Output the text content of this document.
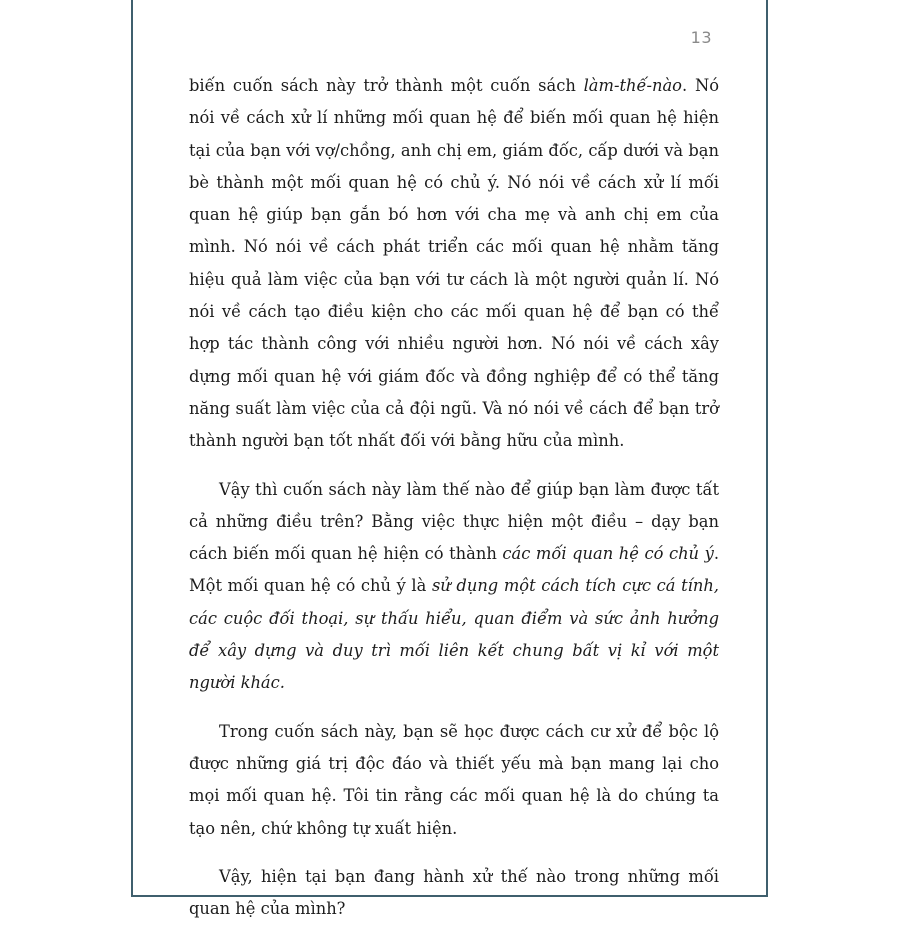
13

biến cuốn sách này trở thành một cuốn sách làm-thế-nào. Nó nói về cách xử lí những mối quan hệ để biến mối quan hệ hiện tại của bạn với vợ/chồng, anh chị em, giám đốc, cấp dưới và bạn bè thành một mối quan hệ có chủ ý. Nó nói về cách xử lí mối quan hệ giúp bạn gắn bó hơn với cha mẹ và anh chị em của mình. Nó nói về cách phát triển các mối quan hệ nhằm tăng hiệu quả làm việc của bạn với tư cách là một người quản lí. Nó nói về cách tạo điều kiện cho các mối quan hệ để bạn có thể hợp tác thành công với nhiều người hơn. Nó nói về cách xây dựng mối quan hệ với giám đốc và đồng nghiệp để có thể tăng năng suất làm việc của cả đội ngũ. Và nó nói về cách để bạn trở thành người bạn tốt nhất đối với bằng hữu của mình.

Vậy thì cuốn sách này làm thế nào để giúp bạn làm được tất cả những điều trên? Bằng việc thực hiện một điều – dạy bạn cách biến mối quan hệ hiện có thành các mối quan hệ có chủ ý. Một mối quan hệ có chủ ý là sử dụng một cách tích cực cá tính, các cuộc đối thoại, sự thấu hiểu, quan điểm và sức ảnh hưởng để xây dựng và duy trì mối liên kết chung bất vị kỉ với một người khác.

Trong cuốn sách này, bạn sẽ học được cách cư xử để bộc lộ được những giá trị độc đáo và thiết yếu mà bạn mang lại cho mọi mối quan hệ. Tôi tin rằng các mối quan hệ là do chúng ta tạo nên, chứ không tự xuất hiện.

Vậy, hiện tại bạn đang hành xử thế nào trong những mối quan hệ của mình?
